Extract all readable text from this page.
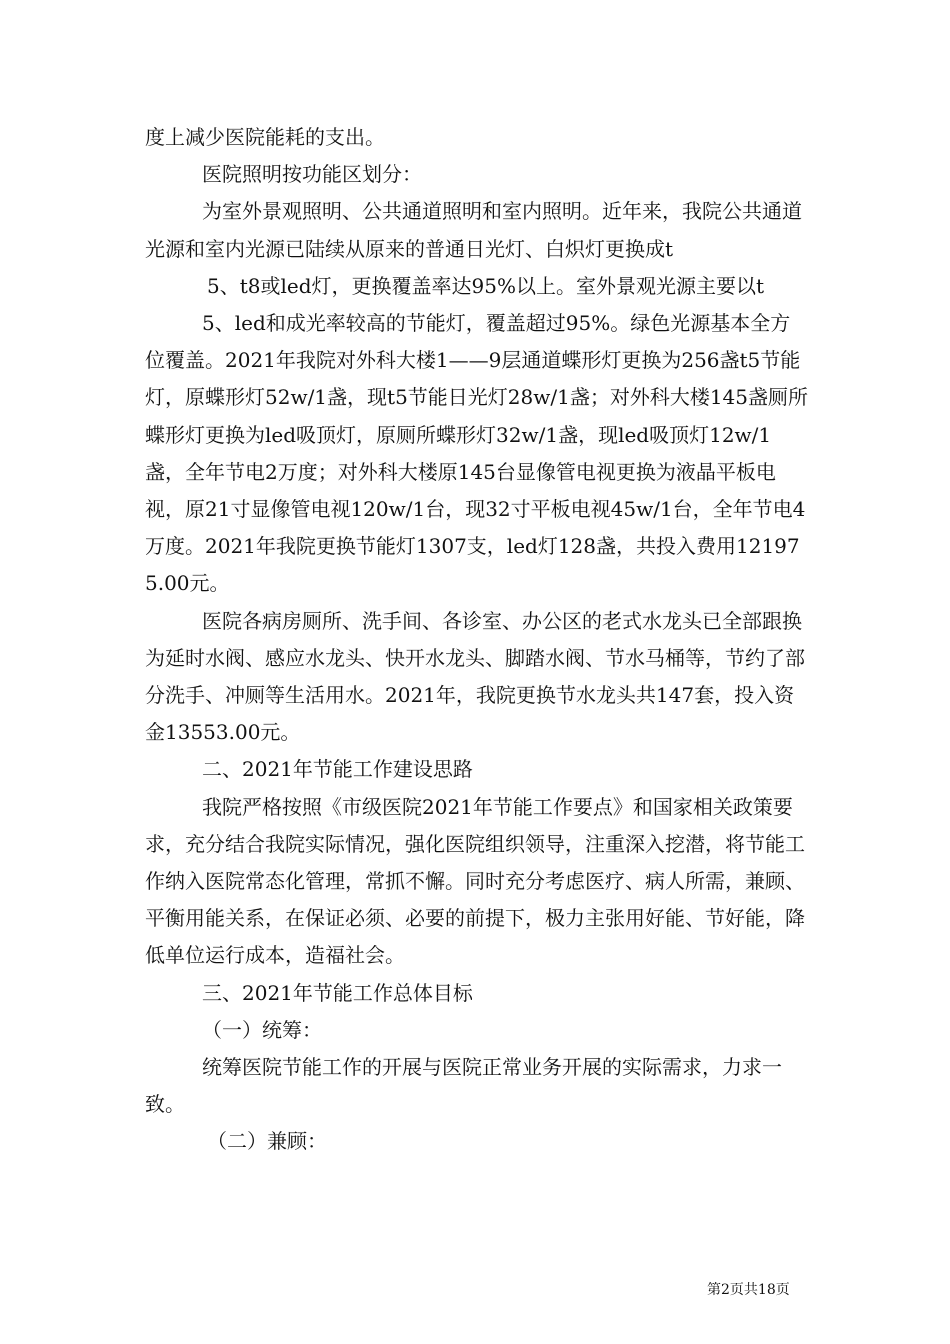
度上减少医院能耗的支出。

医院照明按功能区划分：

为室外景观照明、公共通道照明和室内照明。近年来，我院公共通道光源和室内光源已陆续从原来的普通日光灯、白炽灯更换成t

5、t8或led灯，更换覆盖率达95%以上。室外景观光源主要以t

5、led和成光率较高的节能灯，覆盖超过95%。绿色光源基本全方位覆盖。2021年我院对外科大楼1——9层通道蝶形灯更换为256盏t5节能灯，原蝶形灯52w/1盏，现t5节能日光灯28w/1盏；对外科大楼145盏厕所蝶形灯更换为led吸顶灯，原厕所蝶形灯32w/1盏，现led吸顶灯12w/1盏，全年节电2万度；对外科大楼原145台显像管电视更换为液晶平板电视，原21寸显像管电视120w/1台，现32寸平板电视45w/1台，全年节电4万度。2021年我院更换节能灯1307支，led灯128盏，共投入费用121975.00元。

医院各病房厕所、洗手间、各诊室、办公区的老式水龙头已全部跟换为延时水阀、感应水龙头、快开水龙头、脚踏水阀、节水马桶等，节约了部分洗手、冲厕等生活用水。2021年，我院更换节水龙头共147套，投入资金13553.00元。

二、2021年节能工作建设思路

我院严格按照《市级医院2021年节能工作要点》和国家相关政策要求，充分结合我院实际情况，强化医院组织领导，注重深入挖潜，将节能工作纳入医院常态化管理，常抓不懈。同时充分考虑医疗、病人所需，兼顾、平衡用能关系，在保证必须、必要的前提下，极力主张用好能、节好能，降低单位运行成本，造福社会。

三、2021年节能工作总体目标

（一）统筹：

统筹医院节能工作的开展与医院正常业务开展的实际需求，力求一致。

（二）兼顾：

第2页共18页
